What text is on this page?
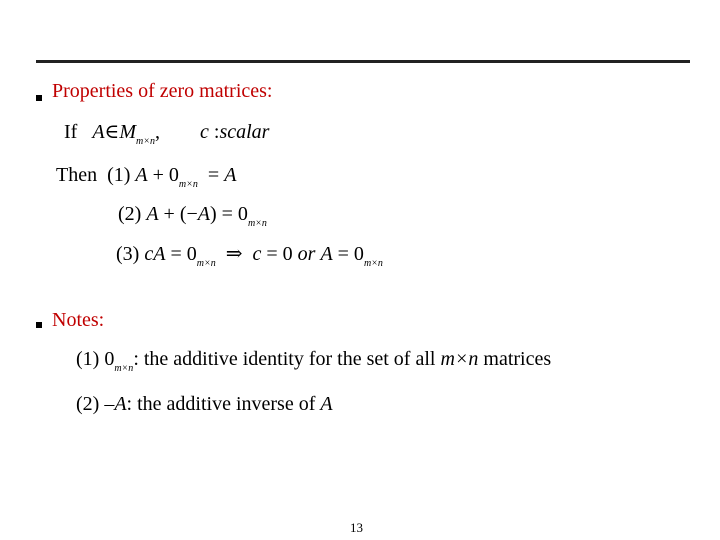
Properties of zero matrices:
If $A\in M_{m\times n}$,        c :scalar
Then (1) $A + 0_{m\times n} = A$
(2) $A + (-A) = 0_{m\times n}$
(3) cA = $0_{m\times n}$  ⇒  c = 0 or $A = 0_{m\times n}$
Notes:
(1) $0_{m\times n}$: the additive identity for the set of all m×n matrices
(2) –A: the additive inverse of A
13
